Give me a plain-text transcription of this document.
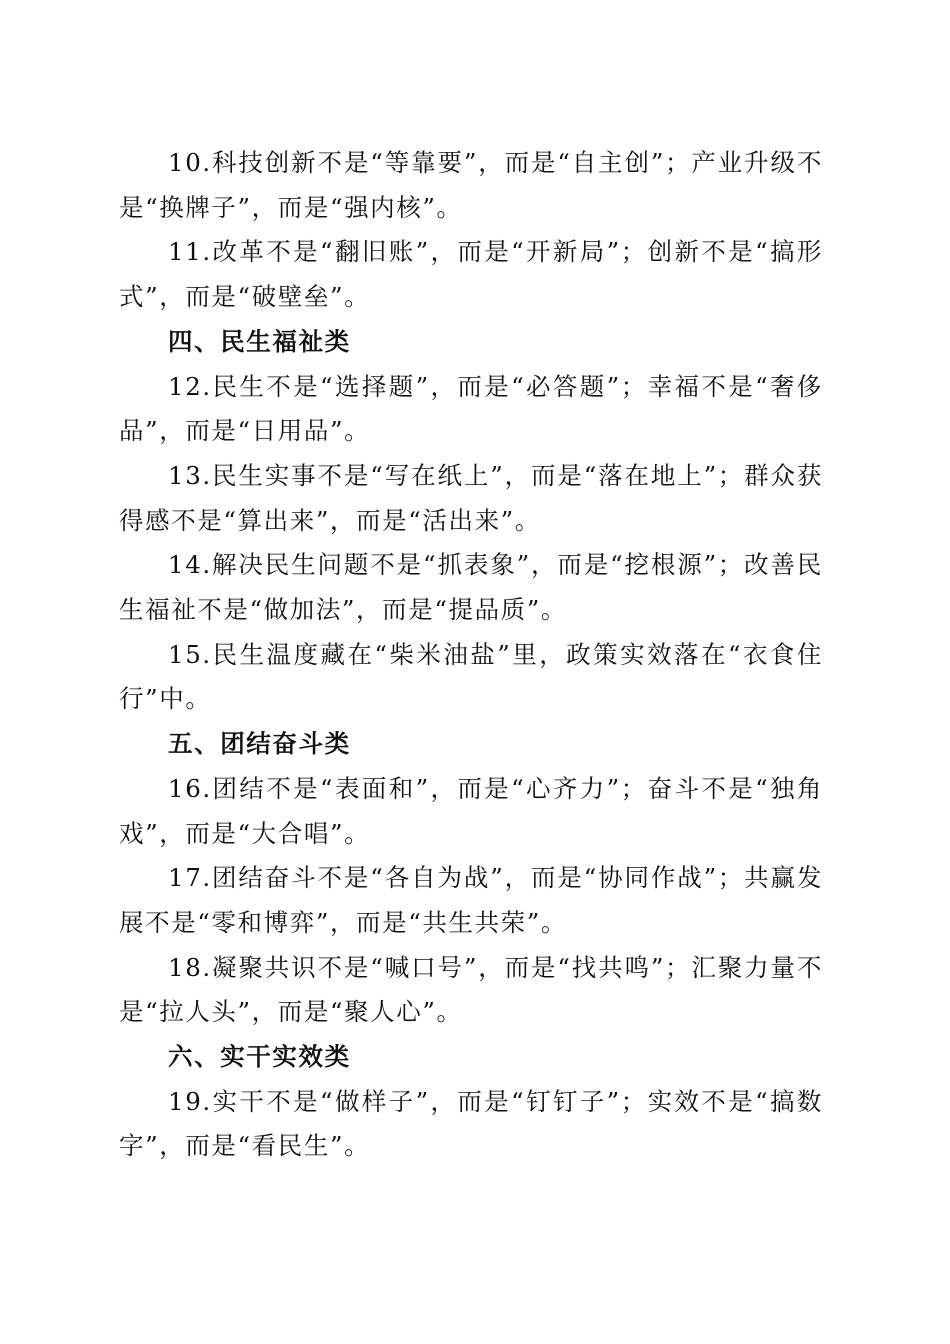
10.科技创新不是“等靠要”，而是“自主创”；产业升级不是“换牌子”，而是“强内核”。

11.改革不是“翻旧账”，而是“开新局”；创新不是“搞形式”，而是“破壁垒”。

四、民生福祉类

12.民生不是“选择题”，而是“必答题”；幸福不是“奢侈品”，而是“日用品”。

13.民生实事不是“写在纸上”，而是“落在地上”；群众获得感不是“算出来”，而是“活出来”。

14.解决民生问题不是“抓表象”，而是“挖根源”；改善民生福祉不是“做加法”，而是“提品质”。

15.民生温度藏在“柴米油盐”里，政策实效落在“衣食住行”中。

五、团结奋斗类

16.团结不是“表面和”，而是“心齐力”；奋斗不是“独角戏”，而是“大合唱”。

17.团结奋斗不是“各自为战”，而是“协同作战”；共赢发展不是“零和博弈”，而是“共生共荣”。

18.凝聚共识不是“喊口号”，而是“找共鸣”；汇聚力量不是“拉人头”，而是“聚人心”。

六、实干实效类

19.实干不是“做样子”，而是“钉钉子”；实效不是“搞数字”，而是“看民生”。
